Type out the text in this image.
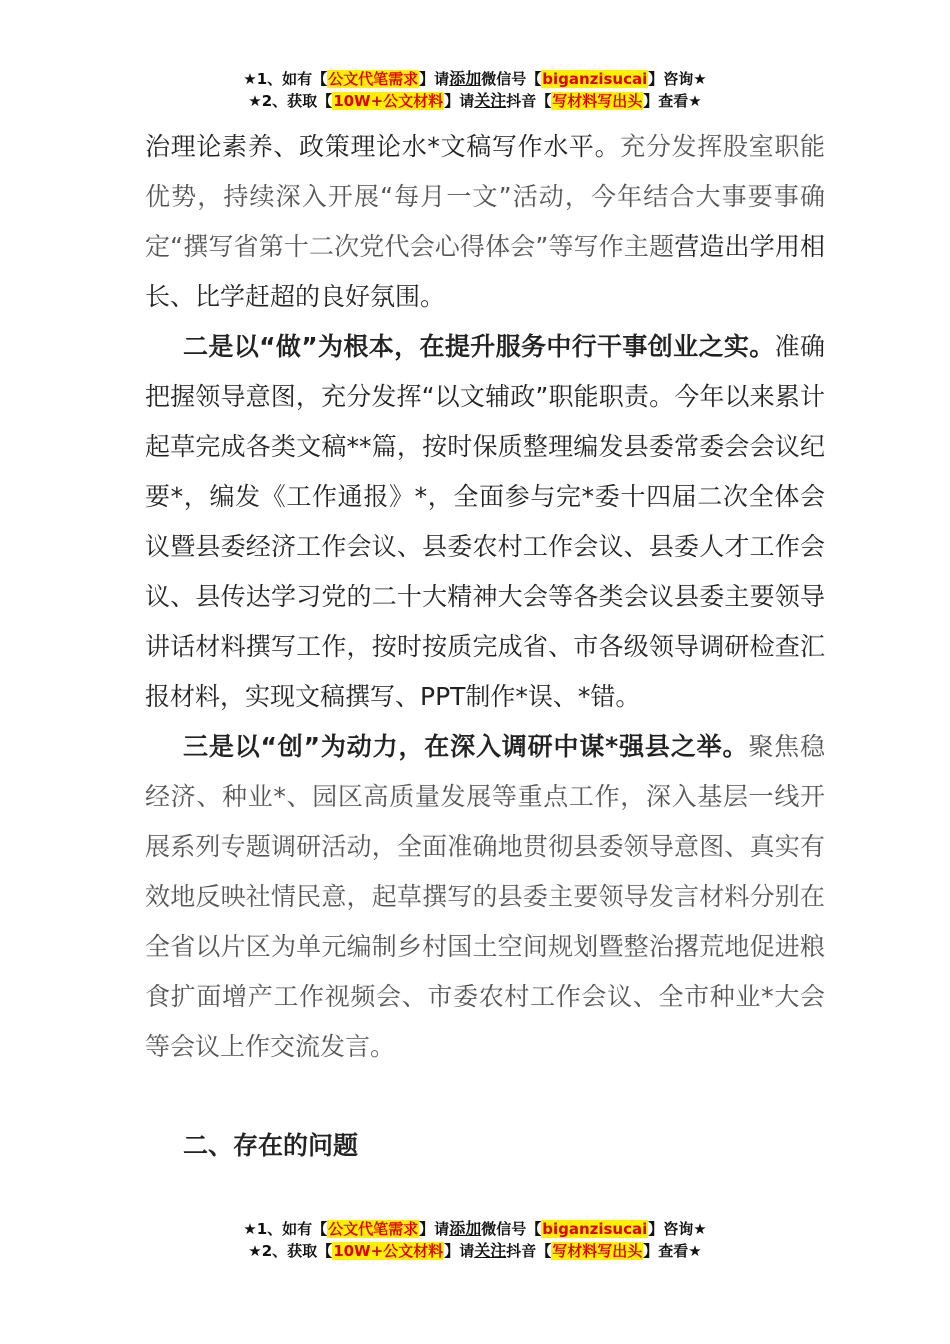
★1、如有【公文代笔需求】请添加微信号【biganzisucai】咨询★
★2、获取【10W+公文材料】请关注抖音【写材料写出头】查看★

治理论素养、政策理论水*文稿写作水平。充分发挥股室职能优势，持续深入开展“每月一文”活动，今年结合大事要事确定“撰写省第十二次党代会心得体会”等写作主题营造出学用相长、比学赶超的良好氛围。

二是以“做”为根本，在提升服务中行干事创业之实。准确把握领导意图，充分发挥“以文辅政”职能职责。今年以来累计起草完成各类文稿**篇，按时保质整理编发县委常委会会议纪要*，编发《工作通报》*，全面参与完*委十四届二次全体会议暨县委经济工作会议、县委农村工作会议、县委人才工作会议、县传达学习党的二十大精神大会等各类会议县委主要领导讲话材料撰写工作，按时按质完成省、市各级领导调研检查汇报材料，实现文稿撰写、PPT制作*误、*错。

三是以“创”为动力，在深入调研中谋*强县之举。聚焦稳经济、种业*、园区高质量发展等重点工作，深入基层一线开展系列专题调研活动，全面准确地贯彻县委领导意图、真实有效地反映社情民意，起草撰写的县委主要领导发言材料分别在全省以片区为单元编制乡村国土空间规划暨整治撂荒地促进粮食扩面增产工作视频会、市委农村工作会议、全市种业*大会等会议上作交流发言。

二、存在的问题
★1、如有【公文代笔需求】请添加微信号【biganzisucai】咨询★
★2、获取【10W+公文材料】请关注抖音【写材料写出头】查看★
